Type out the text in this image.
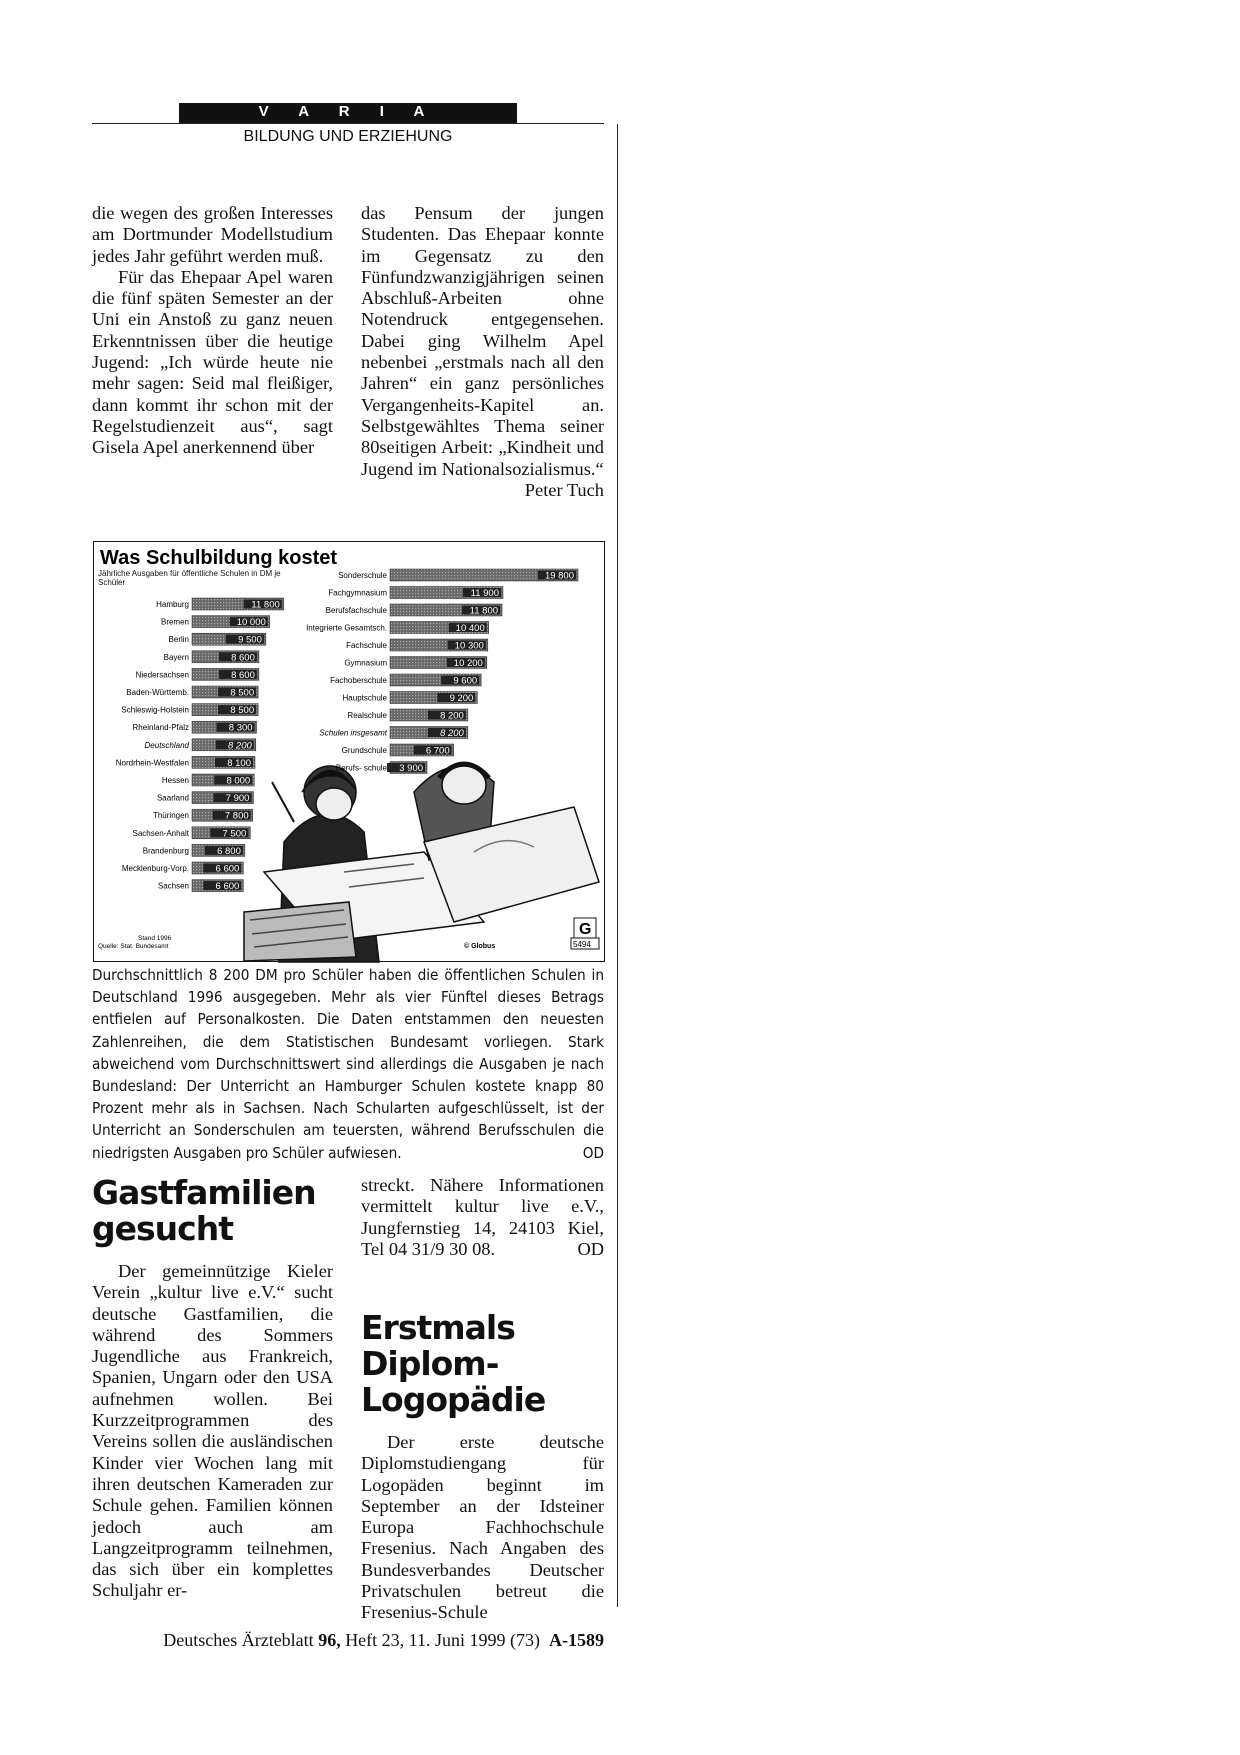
V A R I A
BILDUNG UND ERZIEHUNG

die wegen des großen Interesses am Dortmunder Modellstudium jedes Jahr geführt werden muß.

Für das Ehepaar Apel waren die fünf späten Semester an der Uni ein Anstoß zu ganz neuen Erkenntnissen über die heutige Jugend: „Ich würde heute nie mehr sagen: Seid mal fleißiger, dann kommt ihr schon mit der Regelstudienzeit aus“, sagt Gisela Apel anerkennend über

das Pensum der jungen Studenten. Das Ehepaar konnte im Gegensatz zu den Fünfundzwanzigjährigen seinen Abschluß-Arbeiten ohne Notendruck entgegensehen. Dabei ging Wilhelm Apel nebenbei „erstmals nach all den Jahren“ ein ganz persönliches Vergangenheits-Kapitel an. Selbstgewähltes Thema seiner 80seitigen Arbeit: „Kindheit und Jugend im Nationalsozialismus.“
Peter Tuch

Was Schulbildung kostet
Jährliche Ausgaben für öffentliche Schulen in DM je Schüler
Hamburg	11 800
Bremen	10 000
Berlin	9 500
Bayern	8 600
Niedersachsen	8 600
Baden-Württemb.	8 500
Schleswig-Holstein	8 500
Rheinland-Pfalz	8 300
Deutschland	8 200
Nordrhein-Westfalen	8 100
Hessen	8 000
Saarland	7 900
Thüringen	7 800
Sachsen-Anhalt	7 500
Brandenburg	6 800
Mecklenburg-Vorp.	6 600
Sachsen	6 600
Sonderschule	19 800
Fachgymnasium	11 900
Berufsfachschule	11 800
Integrierte Gesamtsch.	10 400
Fachschule	10 300
Gymnasium	10 200
Fachoberschule	9 600
Hauptschule	9 200
Realschule	8 200
Schulen insgesamt	8 200
Grundschule	6 700
Berufs- schule 3 900
Stand 1996
Quelle: Stat. Bundesamt	© Globus
G
5494

Durchschnittlich 8 200 DM pro Schüler haben die öffentlichen Schulen in Deutschland 1996 ausgegeben. Mehr als vier Fünftel dieses Betrags entfielen auf Personalkosten. Die Daten entstammen den neuesten Zahlenreihen, die dem Statistischen Bundesamt vorliegen. Stark abweichend vom Durchschnittswert sind allerdings die Ausgaben je nach Bundesland: Der Unterricht an Hamburger Schulen kostete knapp 80 Prozent mehr als in Sachsen. Nach Schularten aufgeschlüsselt, ist der Unterricht an Sonderschulen am teuersten, während Berufsschulen die niedrigsten Ausgaben pro Schüler aufwiesen.	OD

Gastfamilien gesucht

Der gemeinnützige Kieler Verein „kultur live e.V.“ sucht deutsche Gastfamilien, die während des Sommers Jugendliche aus Frankreich, Spanien, Ungarn oder den USA aufnehmen wollen. Bei Kurzzeitprogrammen des Vereins sollen die ausländischen Kinder vier Wochen lang mit ihren deutschen Kameraden zur Schule gehen. Familien können jedoch auch am Langzeitprogramm teilnehmen, das sich über ein komplettes Schuljahr er-

streckt. Nähere Informationen vermittelt kultur live e.V., Jungfernstieg 14, 24103 Kiel, Tel 04 31/9 30 08.	OD

Erstmals Diplom-Logopädie

Der erste deutsche Diplomstudiengang für Logopäden beginnt im September an der Idsteiner Europa Fachhochschule Fresenius. Nach Angaben des Bundesverbandes Deutscher Privatschulen betreut die Fresenius-Schule

Deutsches Ärzteblatt 96, Heft 23, 11. Juni 1999 (73) A-1589
